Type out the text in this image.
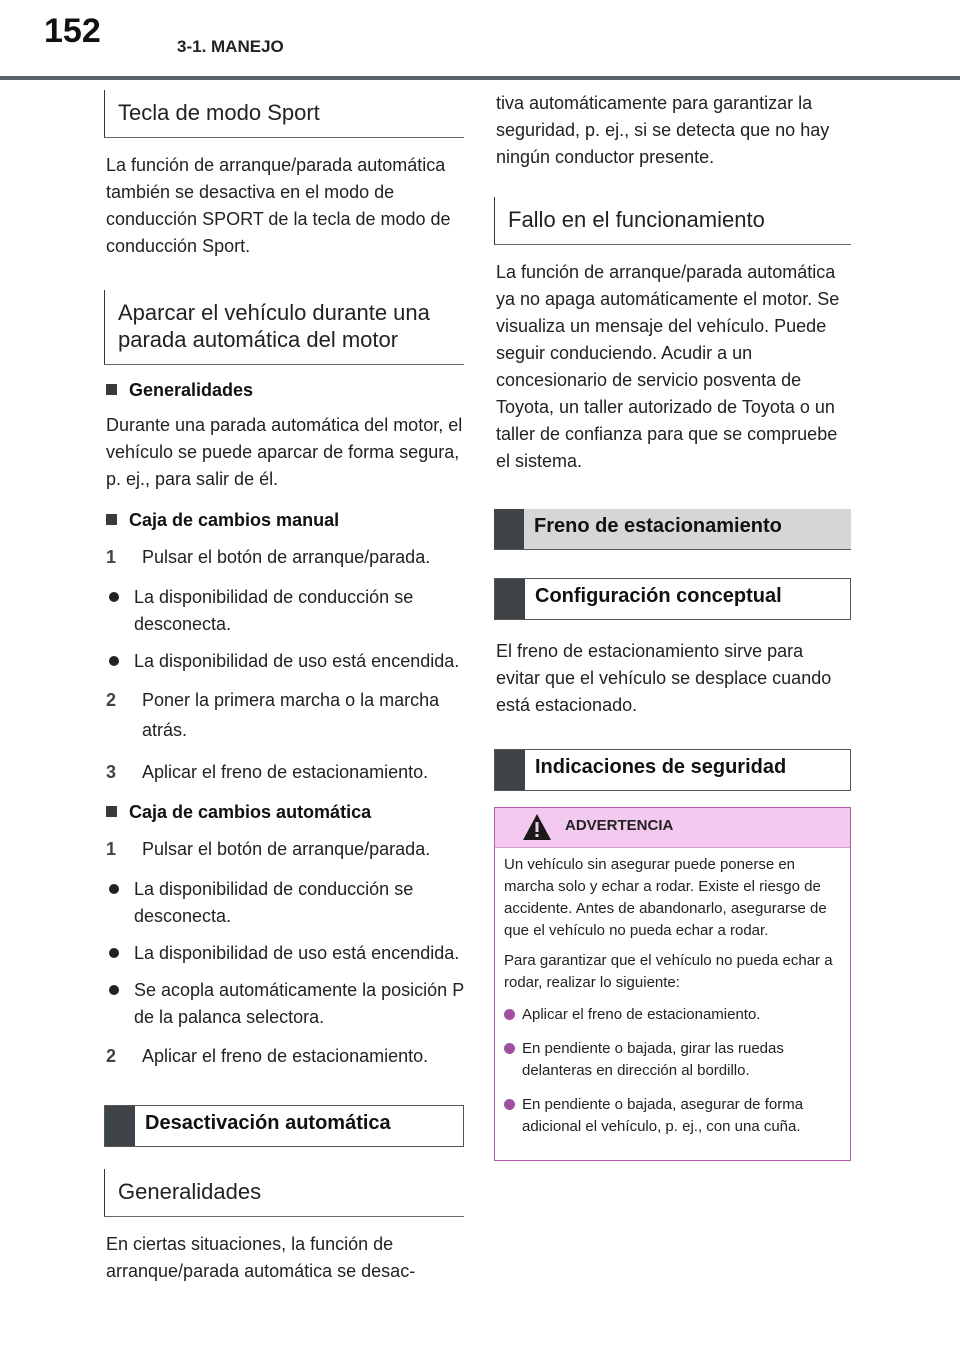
152	3-1. MANEJO
Tecla de modo Sport

La función de arranque/parada automática también se desactiva en el modo de conducción SPORT de la tecla de modo de conducción Sport.

Aparcar el vehículo durante una parada automática del motor
Generalidades

Durante una parada automática del motor, el vehículo se puede aparcar de forma segura, p. ej., para salir de él.

Caja de cambios manual
1 Pulsar el botón de arranque/parada.
La disponibilidad de conducción se desconecta.
La disponibilidad de uso está encendida.
2 Poner la primera marcha o la marcha atrás.
3 Aplicar el freno de estacionamiento.
Caja de cambios automática
1 Pulsar el botón de arranque/parada.
La disponibilidad de conducción se desconecta.
La disponibilidad de uso está encendida.
Se acopla automáticamente la posición P de la palanca selectora.
2 Aplicar el freno de estacionamiento.
Desactivación automática
Generalidades

En ciertas situaciones, la función de arranque/parada automática se desac-

tiva automáticamente para garantizar la seguridad, p. ej., si se detecta que no hay ningún conductor presente.

Fallo en el funcionamiento

La función de arranque/parada automática ya no apaga automáticamente el motor. Se visualiza un mensaje del vehículo. Puede seguir conduciendo. Acudir a un concesionario de servicio posventa de Toyota, un taller autorizado de Toyota o un taller de confianza para que se compruebe el sistema.

Freno de estacionamiento
Configuración conceptual

El freno de estacionamiento sirve para evitar que el vehículo se desplace cuando está estacionado.

Indicaciones de seguridad
ADVERTENCIA

Un vehículo sin asegurar puede ponerse en marcha solo y echar a rodar. Existe el riesgo de accidente. Antes de abandonarlo, asegurarse de que el vehículo no pueda echar a rodar.

Para garantizar que el vehículo no pueda echar a rodar, realizar lo siguiente:

Aplicar el freno de estacionamiento.
En pendiente o bajada, girar las ruedas delanteras en dirección al bordillo.
En pendiente o bajada, asegurar de forma adicional el vehículo, p. ej., con una cuña.
